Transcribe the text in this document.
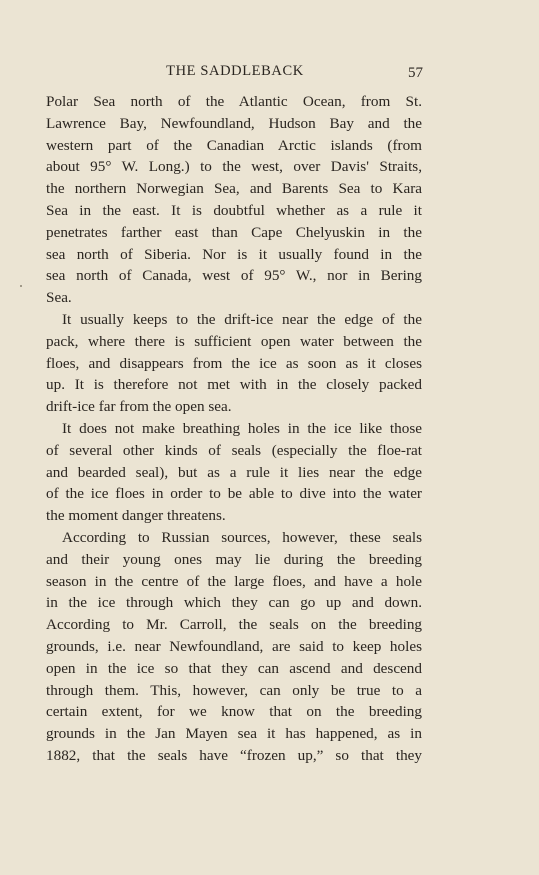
THE SADDLEBACK	57
Polar Sea north of the Atlantic Ocean, from St.
Lawrence Bay, Newfoundland, Hudson Bay and the
western part of the Canadian Arctic islands (from
about 95° W. Long.) to the west, over Davis' Straits,
the northern Norwegian Sea, and Barents Sea to Kara
Sea in the east. It is doubtful whether as a rule it
penetrates farther east than Cape Chelyuskin in the
sea north of Siberia. Nor is it usually found in the
sea north of Canada, west of 95° W., nor in Bering
Sea.
It usually keeps to the drift-ice near the edge of the
pack, where there is sufficient open water between the
floes, and disappears from the ice as soon as it closes
up. It is therefore not met with in the closely packed
drift-ice far from the open sea.
It does not make breathing holes in the ice like those
of several other kinds of seals (especially the floe-rat
and bearded seal), but as a rule it lies near the edge
of the ice floes in order to be able to dive into the water
the moment danger threatens.
According to Russian sources, however, these seals
and their young ones may lie during the breeding
season in the centre of the large floes, and have a hole
in the ice through which they can go up and down.
According to Mr. Carroll, the seals on the breeding
grounds, i.e. near Newfoundland, are said to keep holes
open in the ice so that they can ascend and descend
through them. This, however, can only be true to a
certain extent, for we know that on the breeding
grounds in the Jan Mayen sea it has happened, as in
1882, that the seals have “frozen up,” so that they
